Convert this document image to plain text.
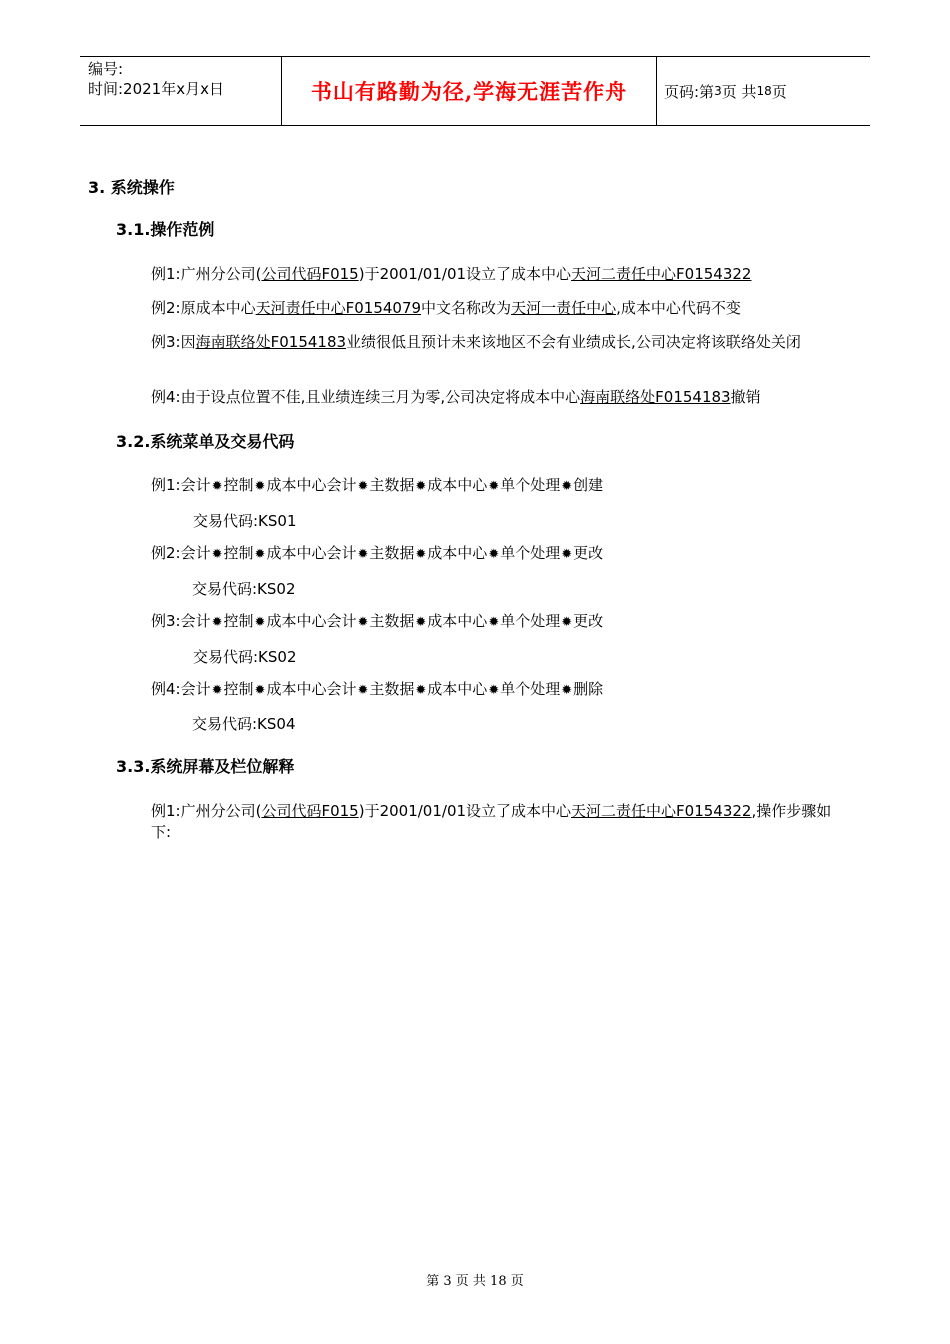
编号:
时间:2021年x月x日	书山有路勤为径,学海无涯苦作舟	页码:第 3 页 共 18 页
3. 系统操作
3.1.操作范例
例1:广州分公司(公司代码F015)于2001/01/01设立了成本中心天河二责任中心F0154322
例2:原成本中心天河责任中心F0154079中文名称改为天河一责任中心,成本中心代码不变
例3:因海南联络处F0154183业绩很低且预计未来该地区不会有业绩成长,公司决定将该联络处关闭
例4:由于设点位置不佳,且业绩连续三月为零,公司决定将成本中心海南联络处F0154183撤销
3.2.系统菜单及交易代码
例1:会计✹控制✹成本中心会计✹主数据✹成本中心✹单个处理✹创建
交易代码:KS01
例2:会计✹控制✹成本中心会计✹主数据✹成本中心✹单个处理✹更改
交易代码:KS02
例3:会计✹控制✹成本中心会计✹主数据✹成本中心✹单个处理✹更改
交易代码:KS02
例4:会计✹控制✹成本中心会计✹主数据✹成本中心✹单个处理✹删除
交易代码:KS04
3.3.系统屏幕及栏位解释
例1:广州分公司(公司代码F015)于2001/01/01设立了成本中心天河二责任中心F0154322,操作步骤如下:
第 3 页 共 18 页
